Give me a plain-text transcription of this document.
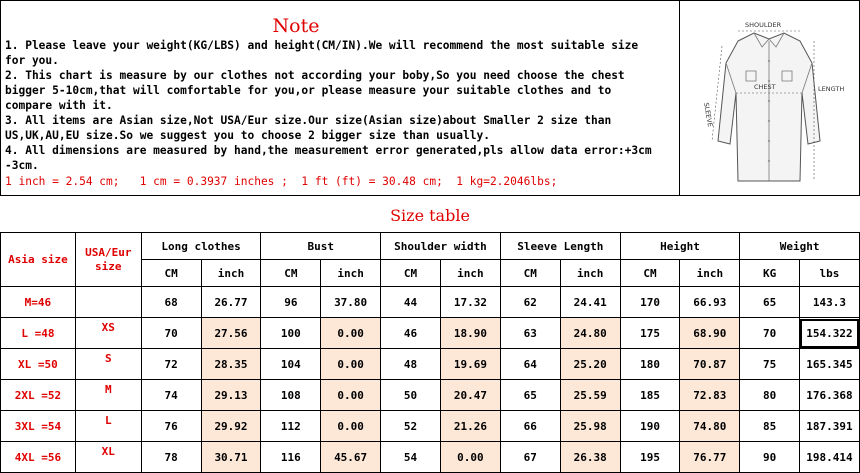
Note
1. Please leave your weight(KG/LBS) and height(CM/IN).We will recommend the most suitable size
for you.
2. This chart is measure by our clothes not according your boby,So you need choose the chest
bigger 5-10cm,that will comfortable for you,or please measure your suitable clothes and to
compare with it.
3. All items are Asian size,Not USA/Eur size.Our size(Asian size)about Smaller 2 size than
US,UK,AU,EU size.So we suggest you to choose 2 bigger size than usually.
4. All dimensions are measured by hand,the measurement error generated,pls allow data error:+3cm
-3cm.
1 inch = 2.54 cm;   1 cm = 0.3937 inches ;  1 ft (ft) = 30.48 cm;  1 kg=2.2046lbs;
SHOULDER
CHEST	LENGTH
SLEEVE
Size table
Asia size	USA/Eur size	Long clothes		Bust		Shoulder width		Sleeve Length		Height		Weight	
		CM	inch	CM	inch	CM	inch	CM	inch	CM	inch	KG	lbs
M=46		68	26.77	96	37.80	44	17.32	62	24.41	170	66.93	65	143.3
L =48	XS	70	27.56	100	0.00	46	18.90	63	24.80	175	68.90	70	154.322
XL =50	S	72	28.35	104	0.00	48	19.69	64	25.20	180	70.87	75	165.345
2XL =52	M	74	29.13	108	0.00	50	20.47	65	25.59	185	72.83	80	176.368
3XL =54	L	76	29.92	112	0.00	52	21.26	66	25.98	190	74.80	85	187.391
4XL =56	XL	78	30.71	116	45.67	54	0.00	67	26.38	195	76.77	90	198.414
